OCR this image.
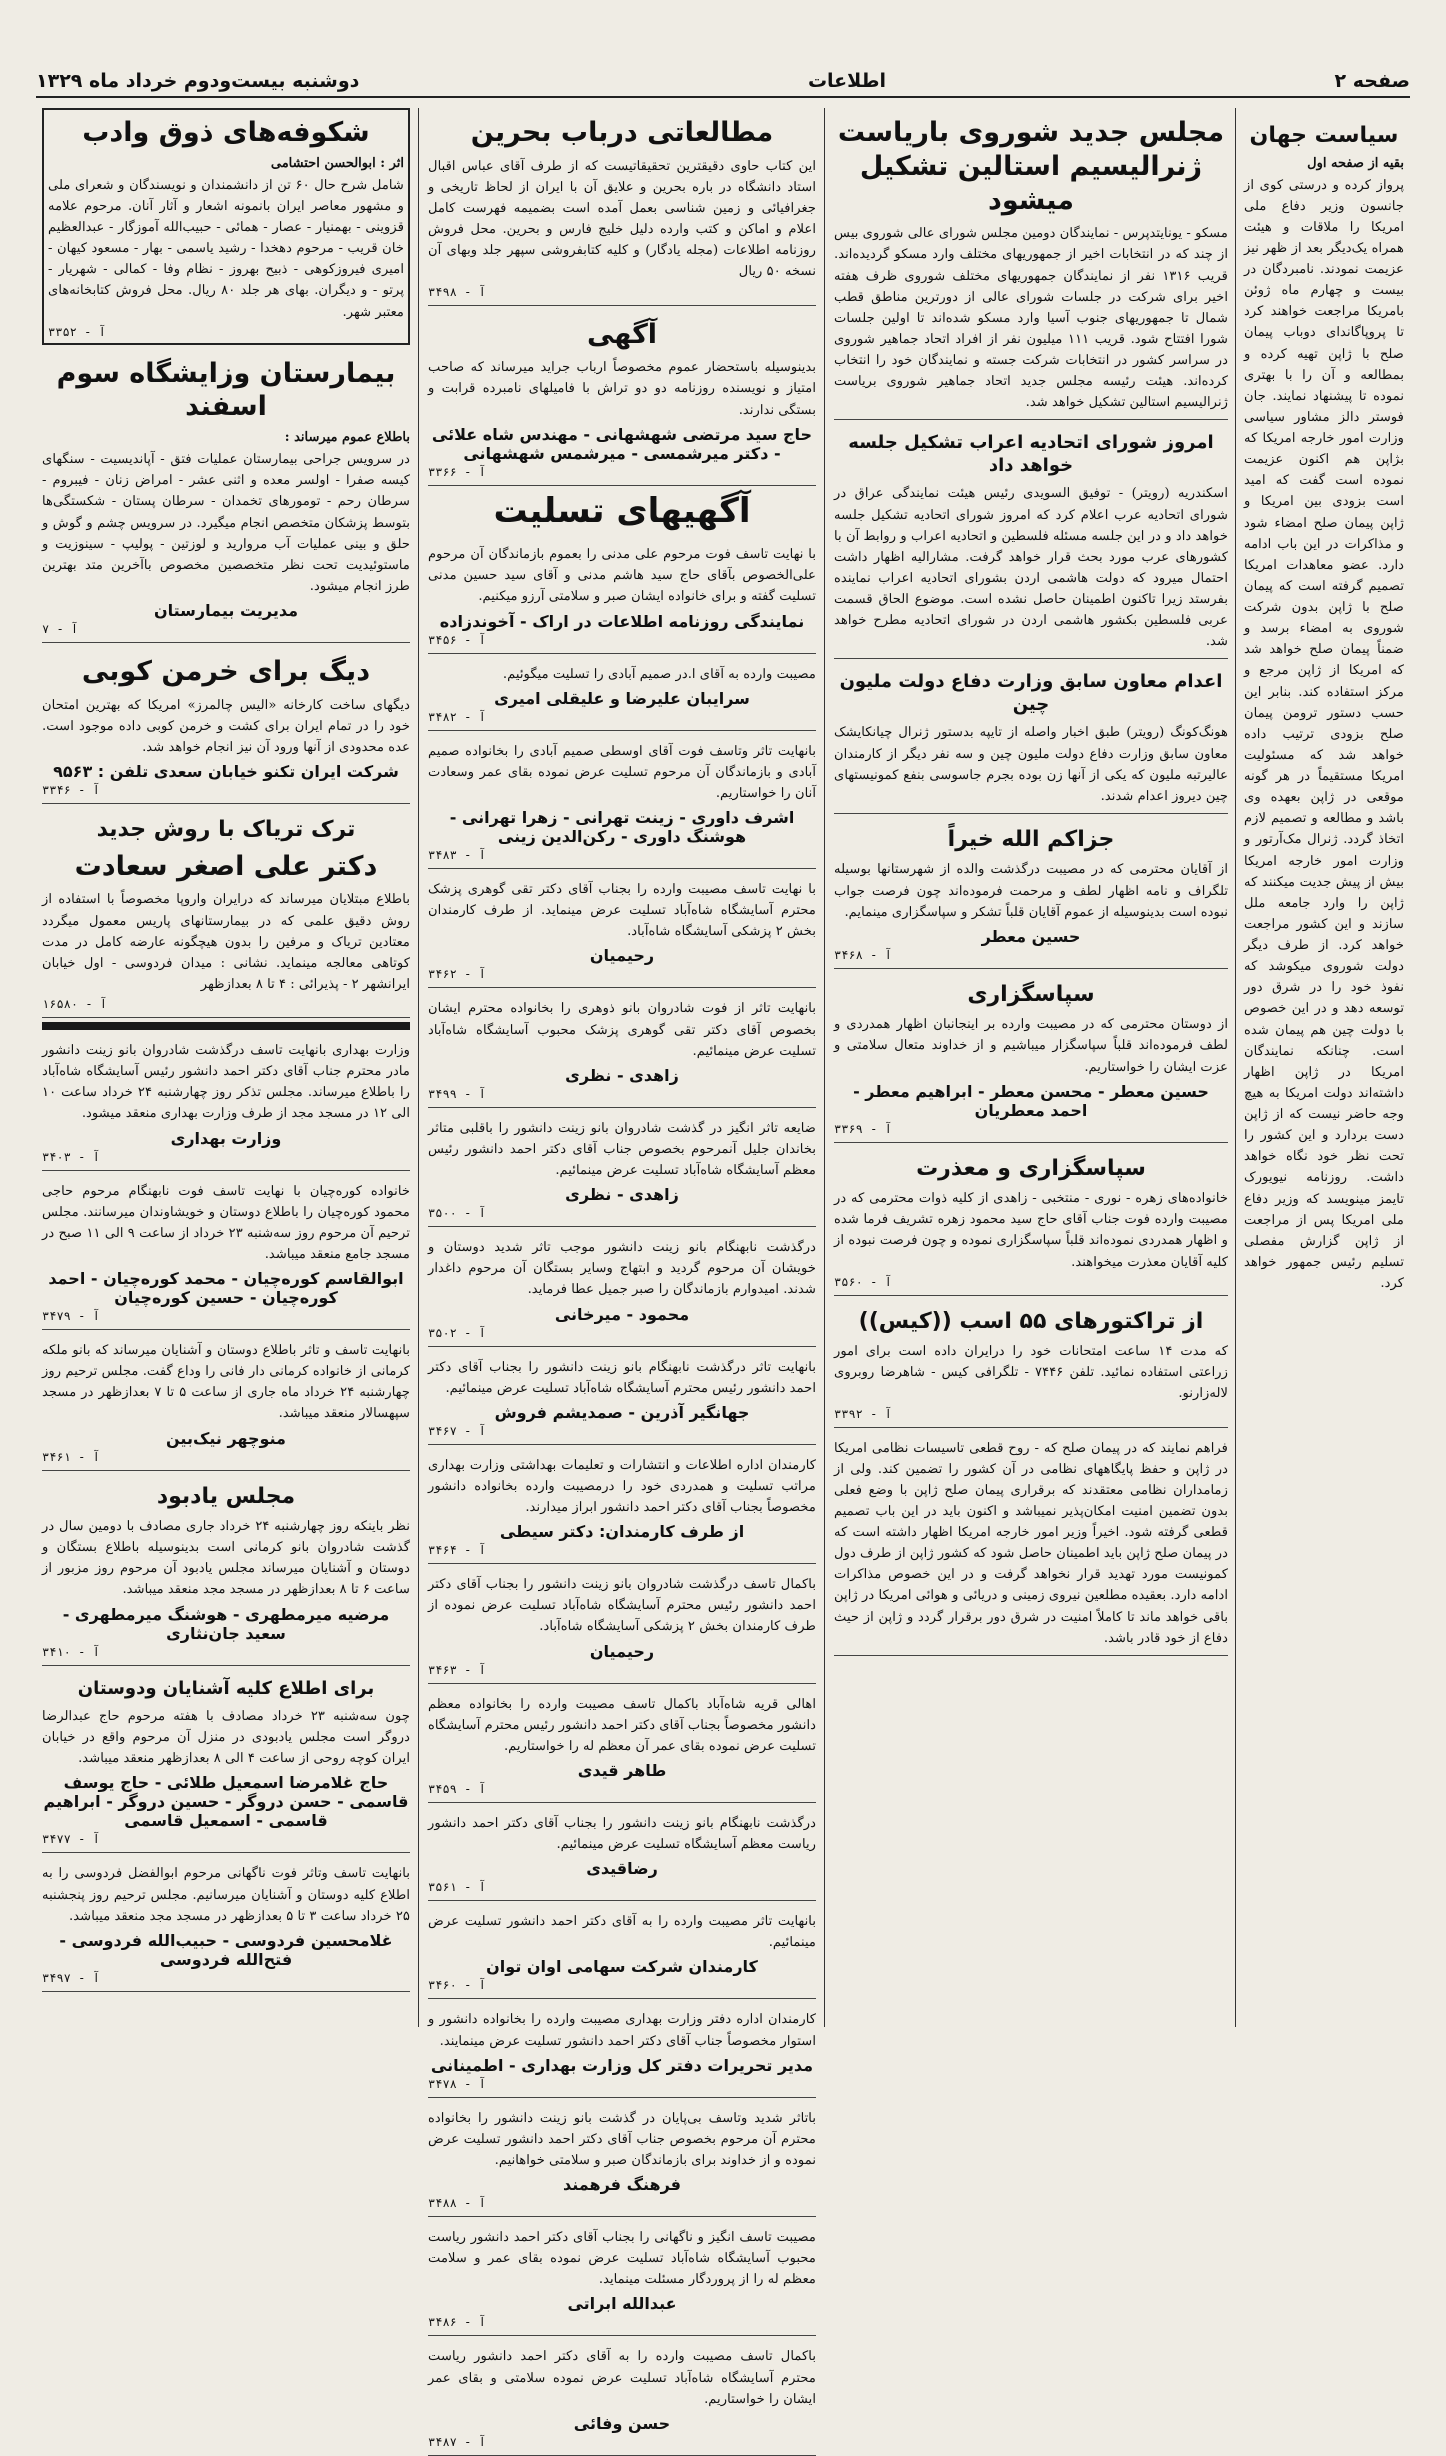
صفحه ۲
اطلاعات
دوشنبه بیست‌و‌دوم خرداد ماه ۱۳۲۹
سیاست جهان
بقیه از صفحه اول

پرواز کرده و درستی کوی از جانسون وزیر دفاع ملی امریکا را ملاقات و هیئت همراه یک‌دیگر بعد از ظهر نیز عزیمت نمودند. نامبردگان در بیست و چهارم ماه ژوئن بامریکا مراجعت خواهند کرد تا پروپاگاندای دوباب پیمان صلح با ژاپن تهیه کرده و بمطالعه و آن را با بهتری نموده تا پیشنهاد نمایند. جان فوستر دالز مشاور سیاسی وزارت امور خارجه امریکا که بژاپن هم اکنون عزیمت نموده است گفت که امید است بزودی بین امریکا و ژاپن پیمان صلح امضاء شود و مذاکرات در این باب ادامه دارد. عضو معاهدات امریکا تصمیم گرفته است که پیمان صلح با ژاپن بدون شرکت شوروی به امضاء برسد و ضمناً پیمان صلح خواهد شد که امریکا از ژاپن مرجع و مرکز استفاده کند. بنابر این حسب دستور ترومن پیمان صلح بزودی ترتیب داده خواهد شد که مسئولیت امریکا مستقیماً در هر گونه موقعی در ژاپن بعهده وی باشد و مطالعه و تصمیم لازم اتخاذ گردد. ژنرال مک‌آرتور و وزارت امور خارجه امریکا بیش از پیش جدیت میکنند که ژاپن را وارد جامعه ملل سازند و این کشور مراجعت خواهد کرد. از طرف دیگر دولت شوروی میکوشد که نفوذ خود را در شرق دور توسعه دهد و در این خصوص با دولت چین هم پیمان شده است. چنانکه نمایندگان امریکا در ژاپن اظهار داشته‌اند دولت امریکا به هیچ وجه حاضر نیست که از ژاپن دست بردارد و این کشور را تحت نظر خود نگاه خواهد داشت. روزنامه نیویورک تایمز مینویسد که وزیر دفاع ملی امریکا پس از مراجعت از ژاپن گزارش مفصلی تسلیم رئیس جمهور خواهد کرد.

مجلس جدید شوروی باریاست ژنرالیسیم استالین تشکیل میشود

مسکو - یونایتدپرس - نمایندگان دومین مجلس شورای عالی شوروی بیس از چند که در انتخابات اخیر از جمهوریهای مختلف وارد مسکو گردیده‌اند. قریب ۱۳۱۶ نفر از نمایندگان جمهوریهای مختلف شوروی ظرف هفته اخیر برای شرکت در جلسات شورای عالی از دورترین مناطق قطب شمال تا جمهوریهای جنوب آسیا وارد مسکو شده‌اند تا اولین جلسات شورا افتتاح شود. قریب ۱۱۱ میلیون نفر از افراد اتحاد جماهیر شوروی در سراسر کشور در انتخابات شرکت جسته و نمایندگان خود را انتخاب کرده‌اند. هیئت رئیسه مجلس جدید اتحاد جماهیر شوروی بریاست ژنرالیسیم استالین تشکیل خواهد شد.

امروز شورای اتحادیه اعراب تشکیل جلسه خواهد داد

اسکندریه (رویتر) - توفیق السویدی رئیس هیئت نمایندگی عراق در شورای اتحادیه عرب اعلام کرد که امروز شورای اتحادیه تشکیل جلسه خواهد داد و در این جلسه مسئله فلسطین و اتحادیه اعراب و روابط آن با کشورهای عرب مورد بحث قرار خواهد گرفت. مشارالیه اظهار داشت احتمال میرود که دولت هاشمی اردن بشورای اتحادیه اعراب نماینده بفرستد زیرا تاکنون اطمینان حاصل نشده است. موضوع الحاق قسمت عربی فلسطین بکشور هاشمی اردن در شورای اتحادیه مطرح خواهد شد.

اعدام معاون سابق وزارت دفاع دولت ملیون چین

هونگ‌کونگ (رویتر) طبق اخبار واصله از تایپه بدستور ژنرال چیانکایشک معاون سابق وزارت دفاع دولت ملیون چین و سه نفر دیگر از کارمندان عالیرتبه ملیون که یکی از آنها زن بوده بجرم جاسوسی بنفع کمونیستهای چین دیروز اعدام شدند.

جزاکم الله خیراً

از آقایان محترمی که در مصیبت درگذشت والده از شهرستانها بوسیله تلگراف و نامه اظهار لطف و مرحمت فرموده‌اند چون فرصت جواب نبوده است بدینوسیله از عموم آقایان قلباً تشکر و سپاسگزاری مینمایم.

حسین معطر
آ - ۳۴۶۸
سپاسگزاری

از دوستان محترمی که در مصیبت وارده بر اینجانبان اظهار همدردی و لطف فرموده‌اند قلباً سپاسگزار میباشیم و از خداوند متعال سلامتی و عزت ایشان را خواستاریم.

حسین معطر - محسن معطر - ابراهیم معطر - احمد معطریان
آ - ۳۳۶۹
سپاسگزاری و معذرت

خانواده‌های زهره - نوری - منتخبی - زاهدی از کلیه ذوات محترمی که در مصیبت وارده فوت جناب آقای حاج سید محمود زهره تشریف فرما شده و اظهار همدردی نموده‌اند قلباً سپاسگزاری نموده و چون فرصت نبوده از کلیه آقایان معذرت میخواهند.

آ - ۳۵۶۰
از تراکتورهای ۵۵ اسب ((کیس))

که مدت ۱۴ ساعت امتحانات خود را درایران داده است برای امور زراعتی استفاده نمائید. تلفن ۷۴۴۶ - تلگرافی کیس - شاهرضا روبروی لاله‌زارنو.

آ - ۳۳۹۲

فراهم نمایند که در پیمان صلح که - روح قطعی تاسیسات نظامی امریکا در ژاپن و حفظ پایگاههای نظامی در آن کشور را تضمین کند. ولی از زمامداران نظامی معتقدند که برقراری پیمان صلح ژاپن با وضع فعلی بدون تضمین امنیت امکان‌پذیر نمیباشد و اکنون باید در این باب تصمیم قطعی گرفته شود. اخیراً وزیر امور خارجه امریکا اظهار داشته است که در پیمان صلح ژاپن باید اطمینان حاصل شود که کشور ژاپن از طرف دول کمونیست مورد تهدید قرار نخواهد گرفت و در این خصوص مذاکرات ادامه دارد. بعقیده مطلعین نیروی زمینی و دریائی و هوائی امریکا در ژاپن باقی خواهد ماند تا کاملاً امنیت در شرق دور برقرار گردد و ژاپن از حیث دفاع از خود قادر باشد.

مطالعاتی درباب بحرین

این کتاب حاوی دقیقترین تحقیقاتیست که از طرف آقای عباس اقبال استاد دانشگاه در باره بحرین و علایق آن با ایران از لحاظ تاریخی و جغرافیائی و زمین شناسی بعمل آمده است بضمیمه فهرست کامل اعلام و اماکن و کتب وارده دلیل خلیج فارس و بحرین. محل فروش روزنامه اطلاعات (مجله یادگار) و کلیه کتابفروشی سپهر جلد وبهای آن نسخه ۵۰ ریال

آ - ۳۴۹۸
آگهی

بدینوسیله باستحضار عموم مخصوصاً ارباب جراید میرساند که صاحب امتیاز و نویسنده روزنامه دو دو تراش با فامیلهای نامبرده قرابت و بستگی ندارند.

حاج سید مرتضی شهشهانی - مهندس شاه علائی - دکتر میرشمسی - میرشمس شهشهانی
آ - ۳۳۶۶
آگهیهای تسلیت

با نهایت تاسف فوت مرحوم علی مدنی را بعموم بازماندگان آن مرحوم علی‌الخصوص بآقای حاج سید هاشم مدنی و آقای سید حسین مدنی تسلیت گفته و برای خانواده ایشان صبر و سلامتی آرزو میکنیم.

نمایندگی روزنامه اطلاعات در اراک - آخوندزاده
آ - ۳۴۵۶

مصیبت وارده به آقای ا.در صمیم آبادی را تسلیت میگوئیم.

سرایبان علیرضا و علیقلی امیری
آ - ۳۴۸۲

بانهایت تاثر وتاسف فوت آقای اوسطی صمیم آبادی را بخانواده صمیم آبادی و بازماندگان آن مرحوم تسلیت عرض نموده بقای عمر وسعادت آنان را خواستاریم.

اشرف داوری - زینت تهرانی - زهرا تهرانی - هوشنگ داوری - رکن‌الدین زینی
آ - ۳۴۸۳

با نهایت تاسف مصیبت وارده را بجناب آقای دکتر تقی گوهری پزشک محترم آسایشگاه شاه‌آباد تسلیت عرض مینماید. از طرف کارمندان بخش ۲ پزشکی آسایشگاه شاه‌آباد.

رحیمیان
آ - ۳۴۶۲

بانهایت تاثر از فوت شادروان بانو ذوهری را بخانواده محترم ایشان بخصوص آقای دکتر تقی گوهری پزشک محبوب آسایشگاه شاه‌آباد تسلیت عرض مینمائیم.

زاهدی - نظری
آ - ۳۴۹۹

ضایعه تاثر انگیز در گذشت شادروان بانو زینت دانشور را باقلبی متاثر بخاندان جلیل آنمرحوم بخصوص جناب آقای دکتر احمد دانشور رئیس معظم آسایشگاه شاه‌آباد تسلیت عرض مینمائیم.

زاهدی - نظری
آ - ۳۵۰۰

درگذشت نابهنگام بانو زینت دانشور موجب تاثر شدید دوستان و خویشان آن مرحوم گردید و ابتهاج وسایر بستگان آن مرحوم داغدار شدند. امیدوارم بازماندگان را صبر جمیل عطا فرماید.

محمود - میرخانی
آ - ۳۵۰۲

بانهایت تاثر درگذشت نابهنگام بانو زینت دانشور را بجناب آقای دکتر احمد دانشور رئیس محترم آسایشگاه شاه‌آباد تسلیت عرض مینمائیم.

جهانگیر آذرین - صمدیشم فروش
آ - ۳۴۶۷

کارمندان اداره اطلاعات و انتشارات و تعلیمات بهداشتی وزارت بهداری مراتب تسلیت و همدردی خود را درمصیبت وارده بخانواده دانشور مخصوصاً بجناب آقای دکتر احمد دانشور ابراز میدارند.

از طرف کارمندان: دکتر سیطی
آ - ۳۴۶۴

باکمال تاسف درگذشت شادروان بانو زینت دانشور را بجناب آقای دکتر احمد دانشور رئیس محترم آسایشگاه شاه‌آباد تسلیت عرض نموده از طرف کارمندان بخش ۲ پزشکی آسایشگاه شاه‌آباد.

رحیمیان
آ - ۳۴۶۳

اهالی قریه شاه‌آباد باکمال تاسف مصیبت وارده را بخانواده معظم دانشور مخصوصاً بجناب آقای دکتر احمد دانشور رئیس محترم آسایشگاه تسلیت عرض نموده بقای عمر آن معظم له را خواستاریم.

طاهر قیدی
آ - ۳۴۵۹

درگذشت نابهنگام بانو زینت دانشور را بجناب آقای دکتر احمد دانشور ریاست معظم آسایشگاه تسلیت عرض مینمائیم.

رضاقیدی
آ - ۳۵۶۱

بانهایت تاثر مصیبت وارده را به آقای دکتر احمد دانشور تسلیت عرض مینمائیم.

کارمندان شرکت سهامی اوان توان
آ - ۳۴۶۰

کارمندان اداره دفتر وزارت بهداری مصیبت وارده را بخانواده دانشور و استوار مخصوصاً جناب آقای دکتر احمد دانشور تسلیت عرض مینمایند.

مدیر تحریرات دفتر کل وزارت بهداری - اطمینانی
آ - ۳۴۷۸

باتاثر شدید وتاسف بی‌پایان در گذشت بانو زینت دانشور را بخانواده محترم آن مرحوم بخصوص جناب آقای دکتر احمد دانشور تسلیت عرض نموده و از خداوند برای بازماندگان صبر و سلامتی خواهانیم.

فرهنگ فرهمند
آ - ۳۴۸۸

مصیبت تاسف انگیز و ناگهانی را بجناب آقای دکتر احمد دانشور ریاست محبوب آسایشگاه شاه‌آباد تسلیت عرض نموده بقای عمر و سلامت معظم له را از پروردگار مسئلت مینماید.

عبدالله ابراتی
آ - ۳۴۸۶

باکمال تاسف مصیبت وارده را به آقای دکتر احمد دانشور ریاست محترم آسایشگاه شاه‌آباد تسلیت عرض نموده سلامتی و بقای عمر ایشان را خواستاریم.

حسن وفائی
آ - ۳۴۸۷
شکوفه‌های ذوق وادب
اثر : ابوالحسن احتشامی

شامل شرح حال ۶۰ تن از دانشمندان و نویسندگان و شعرای ملی و مشهور معاصر ایران بانمونه اشعار و آثار آنان. مرحوم علامه قزوینی - بهمنیار - عصار - همائی - حبیب‌الله آموزگار - عبدالعظیم خان قریب - مرحوم دهخدا - رشید یاسمی - بهار - مسعود کیهان - امیری فیروزکوهی - ذبیح بهروز - نظام وفا - کمالی - شهریار - پرتو - و دیگران. بهای هر جلد ۸۰ ریال. محل فروش کتابخانه‌های معتبر شهر.

آ - ۳۳۵۲
بیمارستان وزایشگاه سوم اسفند
باطلاع عموم میرساند :

در سرویس جراحی بیمارستان عملیات فتق - آپاندیسیت - سنگهای کیسه صفرا - اولسر معده و اثنی عشر - امراض زنان - فیبروم - سرطان رحم - تومورهای تخمدان - سرطان پستان - شکستگی‌ها بتوسط پزشکان متخصص انجام میگیرد. در سرویس چشم و گوش و حلق و بینی عملیات آب مروارید و لوزتین - پولیپ - سینوزیت و ماستوئیدیت تحت نظر متخصصین مخصوص باآخرین متد بهترین طرز انجام میشود.

مدیریت بیمارستان
آ - ۷
دیگ برای خرمن کوبی

دیگهای ساخت کارخانه «الیس چالمرز» امریکا که بهترین امتحان خود را در تمام ایران برای کشت و خرمن کوبی داده موجود است. عده محدودی از آنها ورود آن نیز انجام خواهد شد.

شرکت ایران تکنو خیابان سعدی تلفن : ۹۵۶۳
آ - ۳۳۴۶
ترک تریاک با روش جدید
دکتر علی اصغر سعادت

باطلاع مبتلایان میرساند که درایران واروپا مخصوصاً با استفاده از روش دقیق علمی که در بیمارستانهای پاریس معمول میگردد معتادین تریاک و مرفین را بدون هیچگونه عارضه کامل در مدت کوتاهی معالجه مینماید. نشانی : میدان فردوسی - اول خیابان ایرانشهر ۲ - پذیرائی : ۴ تا ۸ بعدازظهر

آ - ۱۶۵۸۰

وزارت بهداری بانهایت تاسف درگذشت شادروان بانو زینت دانشور مادر محترم جناب آقای دکتر احمد دانشور رئیس آسایشگاه شاه‌آباد را باطلاع میرساند. مجلس تذکر روز چهارشنبه ۲۴ خرداد ساعت ۱۰ الی ۱۲ در مسجد مجد از طرف وزارت بهداری منعقد میشود.

وزارت بهداری
آ - ۳۴۰۳

خانواده کوره‌چیان با نهایت تاسف فوت نابهنگام مرحوم حاجی محمود کوره‌چیان را باطلاع دوستان و خویشاوندان میرسانند. مجلس ترحیم آن مرحوم روز سه‌شنبه ۲۳ خرداد از ساعت ۹ الی ۱۱ صبح در مسجد جامع منعقد میباشد.

ابوالقاسم کوره‌چیان - محمد کوره‌چیان - احمد کوره‌چیان - حسین کوره‌چیان
آ - ۳۴۷۹

بانهایت تاسف و تاثر باطلاع دوستان و آشنایان میرساند که بانو ملکه کرمانی از خانواده کرمانی دار فانی را وداع گفت. مجلس ترحیم روز چهارشنبه ۲۴ خرداد ماه جاری از ساعت ۵ تا ۷ بعدازظهر در مسجد سپهسالار منعقد میباشد.

منوچهر نیک‌بین
آ - ۳۴۶۱
مجلس یادبود

نظر باینکه روز چهارشنبه ۲۴ خرداد جاری مصادف با دومین سال در گذشت شادروان بانو کرمانی است بدینوسیله باطلاع بستگان و دوستان و آشنایان میرساند مجلس یادبود آن مرحوم روز مزبور از ساعت ۶ تا ۸ بعدازظهر در مسجد مجد منعقد میباشد.

مرضیه میرمطهری - هوشنگ میرمطهری - سعید جان‌نثاری
آ - ۳۴۱۰
برای اطلاع کلیه آشنایان ودوستان

چون سه‌شنبه ۲۳ خرداد مصادف با هفته مرحوم حاج عبدالرضا دروگر است مجلس یادبودی در منزل آن مرحوم واقع در خیابان ایران کوچه روحی از ساعت ۴ الی ۸ بعدازظهر منعقد میباشد.

حاج غلامرضا اسمعیل طلائی - حاج یوسف قاسمی - حسن دروگر - حسین دروگر - ابراهیم قاسمی - اسمعیل قاسمی
آ - ۳۴۷۷

بانهایت تاسف وتاثر فوت ناگهانی مرحوم ابوالفضل فردوسی را به اطلاع کلیه دوستان و آشنایان میرسانیم. مجلس ترحیم روز پنجشنبه ۲۵ خرداد ساعت ۳ تا ۵ بعدازظهر در مسجد مجد منعقد میباشد.

غلامحسین فردوسی - حبیب‌الله فردوسی - فتح‌الله فردوسی
آ - ۳۴۹۷
